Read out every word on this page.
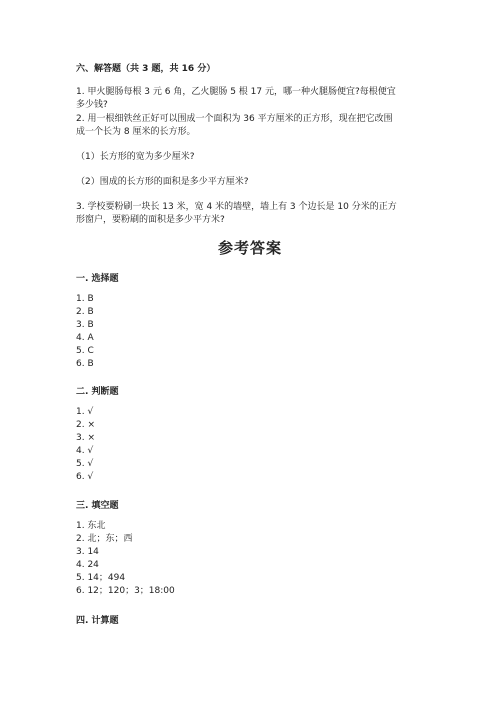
六、解答题（共 3 题，共 16 分）
1. 甲火腿肠每根 3 元 6 角，乙火腿肠 5 根 17 元，哪一种火腿肠便宜?每根便宜
多少钱?
2. 用一根细铁丝正好可以围成一个面积为 36 平方厘米的正方形，现在把它改围
成一个长为 8 厘米的长方形。
（1）长方形的宽为多少厘米?
（2）围成的长方形的面积是多少平方厘米?
3. 学校要粉刷一块长 13 米，宽 4 米的墙壁，墙上有 3 个边长是 10 分米的正方
形窗户，要粉刷的面积是多少平方米?
参考答案
一. 选择题
1. B
2. B
3. B
4. A
5. C
6. B
二. 判断题
1. √
2. ×
3. ×
4. √
5. √
6. √
三. 填空题
1. 东北
2. 北；东；西
3. 14
4. 24
5. 14；494
6. 12；120；3；18:00
四. 计算题
